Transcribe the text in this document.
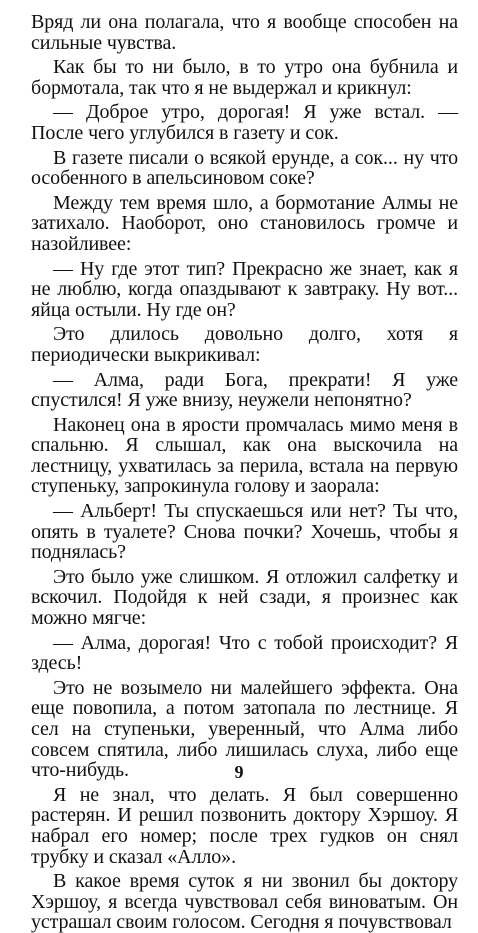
Вряд ли она полагала, что я вообще способен на сильные чувства.

Как бы то ни было, в то утро она бубнила и бормотала, так что я не выдержал и крикнул:

— Доброе утро, дорогая! Я уже встал. — После чего углубился в газету и сок.

В газете писали о всякой ерунде, а сок... ну что особенного в апельсиновом соке?

Между тем время шло, а бормотание Алмы не затихало. Наоборот, оно становилось громче и назойливее:

— Ну где этот тип? Прекрасно же знает, как я не люблю, когда опаздывают к завтраку. Ну вот... яйца остыли. Ну где он?

Это длилось довольно долго, хотя я периодически выкрикивал:

— Алма, ради Бога, прекрати! Я уже спустился! Я уже внизу, неужели непонятно?

Наконец она в ярости промчалась мимо меня в спальню. Я слышал, как она выскочила на лестницу, ухватилась за перила, встала на первую ступеньку, запрокинула голову и заорала:

— Альберт! Ты спускаешься или нет? Ты что, опять в туалете? Снова почки? Хочешь, чтобы я поднялась?

Это было уже слишком. Я отложил салфетку и вскочил. Подойдя к ней сзади, я произнес как можно мягче:

— Алма, дорогая! Что с тобой происходит? Я здесь!

Это не возымело ни малейшего эффекта. Она еще повопила, а потом затопала по лестнице. Я сел на ступеньки, уверенный, что Алма либо совсем спятила, либо лишилась слуха, либо еще что-нибудь.

Я не знал, что делать. Я был совершенно растерян. И решил позвонить доктору Хэршоу. Я набрал его номер; после трех гудков он снял трубку и сказал «Алло».

В какое время суток я ни звонил бы доктору Хэршоу, я всегда чувствовал себя виноватым. Он устрашал своим голосом. Сегодня я почувствовал

9
